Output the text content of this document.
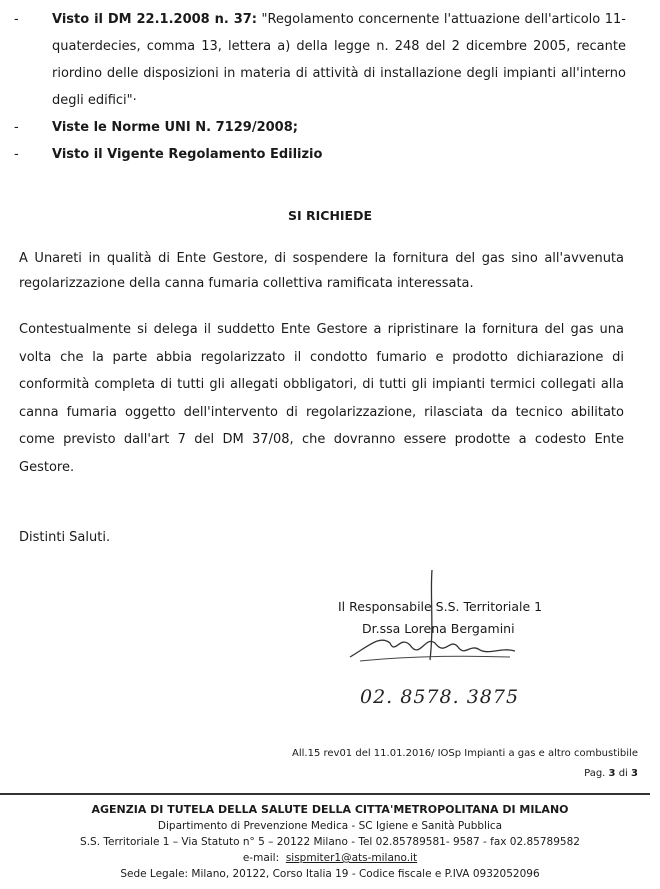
-	Visto il DM 22.1.2008 n. 37: "Regolamento concernente l'attuazione dell'articolo 11-quaterdecies, comma 13, lettera a) della legge n. 248 del 2 dicembre 2005, recante riordino delle disposizioni in materia di attività di installazione degli impianti all'interno degli edifici"·
-	Viste le Norme UNI N. 7129/2008;
-	Visto il Vigente Regolamento Edilizio
SI RICHIEDE
A Unareti in qualità di Ente Gestore, di sospendere la fornitura del gas sino all'avvenuta regolarizzazione della canna fumaria collettiva ramificata interessata.
Contestualmente si delega il suddetto Ente Gestore a ripristinare la fornitura del gas una volta che la parte abbia regolarizzato il condotto fumario e prodotto dichiarazione di conformità completa di tutti gli allegati obbligatori, di tutti gli impianti termici collegati alla canna fumaria oggetto dell'intervento di regolarizzazione, rilasciata da tecnico abilitato come previsto dall'art 7 del DM 37/08, che dovranno essere prodotte a codesto Ente Gestore.
Distinti Saluti.
Il Responsabile S.S. Territoriale 1
Dr.ssa Lorena Bergamini
02. 8578. 3875
All.15 rev01 del 11.01.2016/ IOSp Impianti a gas e altro combustibile
Pag. 3 di 3
AGENZIA DI TUTELA DELLA SALUTE DELLA CITTA'METROPOLITANA DI MILANO
Dipartimento di Prevenzione Medica - SC Igiene e Sanità Pubblica
S.S. Territoriale 1 – Via Statuto n° 5 – 20122 Milano - Tel 02.85789581- 9587 - fax 02.85789582
e-mail: sispmiter1@ats-milano.it
Sede Legale: Milano, 20122, Corso Italia 19 - Codice fiscale e P.IVA 0932052096
